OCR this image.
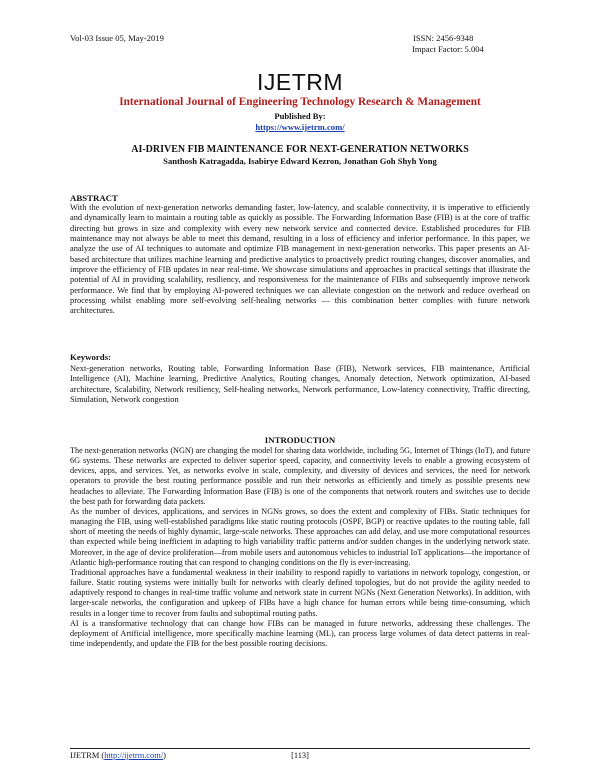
Vol-03 Issue 05, May-2019	ISSN: 2456-9348
Impact Factor: 5.004
IJETRM
International Journal of Engineering Technology Research & Management
Published By:
https://www.ijetrm.com/
AI-DRIVEN FIB MAINTENANCE FOR NEXT-GENERATION NETWORKS
Santhosh Katragadda, Isabirye Edward Kezron, Jonathan Goh Shyh Yong
ABSTRACT
With the evolution of next-generation networks demanding faster, low-latency, and scalable connectivity, it is imperative to efficiently and dynamically learn to maintain a routing table as quickly as possible. The Forwarding Information Base (FIB) is at the core of traffic directing but grows in size and complexity with every new network service and connected device. Established procedures for FIB maintenance may not always be able to meet this demand, resulting in a loss of efficiency and inferior performance. In this paper, we analyze the use of AI techniques to automate and optimize FIB management in next-generation networks. This paper presents an AI-based architecture that utilizes machine learning and predictive analytics to proactively predict routing changes, discover anomalies, and improve the efficiency of FIB updates in near real-time. We showcase simulations and approaches in practical settings that illustrate the potential of AI in providing scalability, resiliency, and responsiveness for the maintenance of FIBs and subsequently improve network performance. We find that by employing AI-powered techniques we can alleviate congestion on the network and reduce overhead on processing whilst enabling more self-evolving self-healing networks — this combination better complies with future network architectures.
Keywords:
Next-generation networks, Routing table, Forwarding Information Base (FIB), Network services, FIB maintenance, Artificial Intelligence (AI), Machine learning, Predictive Analytics, Routing changes, Anomaly detection, Network optimization, AI-based architecture, Scalability, Network resiliency, Self-healing networks, Network performance, Low-latency connectivity, Traffic directing, Simulation, Network congestion
INTRODUCTION

The next-generation networks (NGN) are changing the model for sharing data worldwide, including 5G, Internet of Things (IoT), and future 6G systems. These networks are expected to deliver superior speed, capacity, and connectivity levels to enable a growing ecosystem of devices, apps, and services. Yet, as networks evolve in scale, complexity, and diversity of devices and services, the need for network operators to provide the best routing performance possible and run their networks as efficiently and timely as possible presents new headaches to alleviate. The Forwarding Information Base (FIB) is one of the components that network routers and switches use to decide the best path for forwarding data packets.

As the number of devices, applications, and services in NGNs grows, so does the extent and complexity of FIBs. Static techniques for managing the FIB, using well-established paradigms like static routing protocols (OSPF, BGP) or reactive updates to the routing table, fall short of meeting the needs of highly dynamic, large-scale networks. These approaches can add delay, and use more computational resources than expected while being inefficient in adapting to high variability traffic patterns and/or sudden changes in the underlying network state. Moreover, in the age of device proliferation—from mobile users and autonomous vehicles to industrial IoT applications—the importance of Atlantic high-performance routing that can respond to changing conditions on the fly is ever-increasing.

Traditional approaches have a fundamental weakness in their inability to respond rapidly to variations in network topology, congestion, or failure. Static routing systems were initially built for networks with clearly defined topologies, but do not provide the agility needed to adaptively respond to changes in real-time traffic volume and network state in current NGNs (Next Generation Networks). In addition, with larger-scale networks, the configuration and upkeep of FIBs have a high chance for human errors while being time-consuming, which results in a longer time to recover from faults and suboptimal routing paths.

AI is a transformative technology that can change how FIBs can be managed in future networks, addressing these challenges. The deployment of Artificial intelligence, more specifically machine learning (ML), can process large volumes of data detect patterns in real-time independently, and update the FIB for the best possible routing decisions.

IJETRM (http://ijetrm.com/)	[113]
